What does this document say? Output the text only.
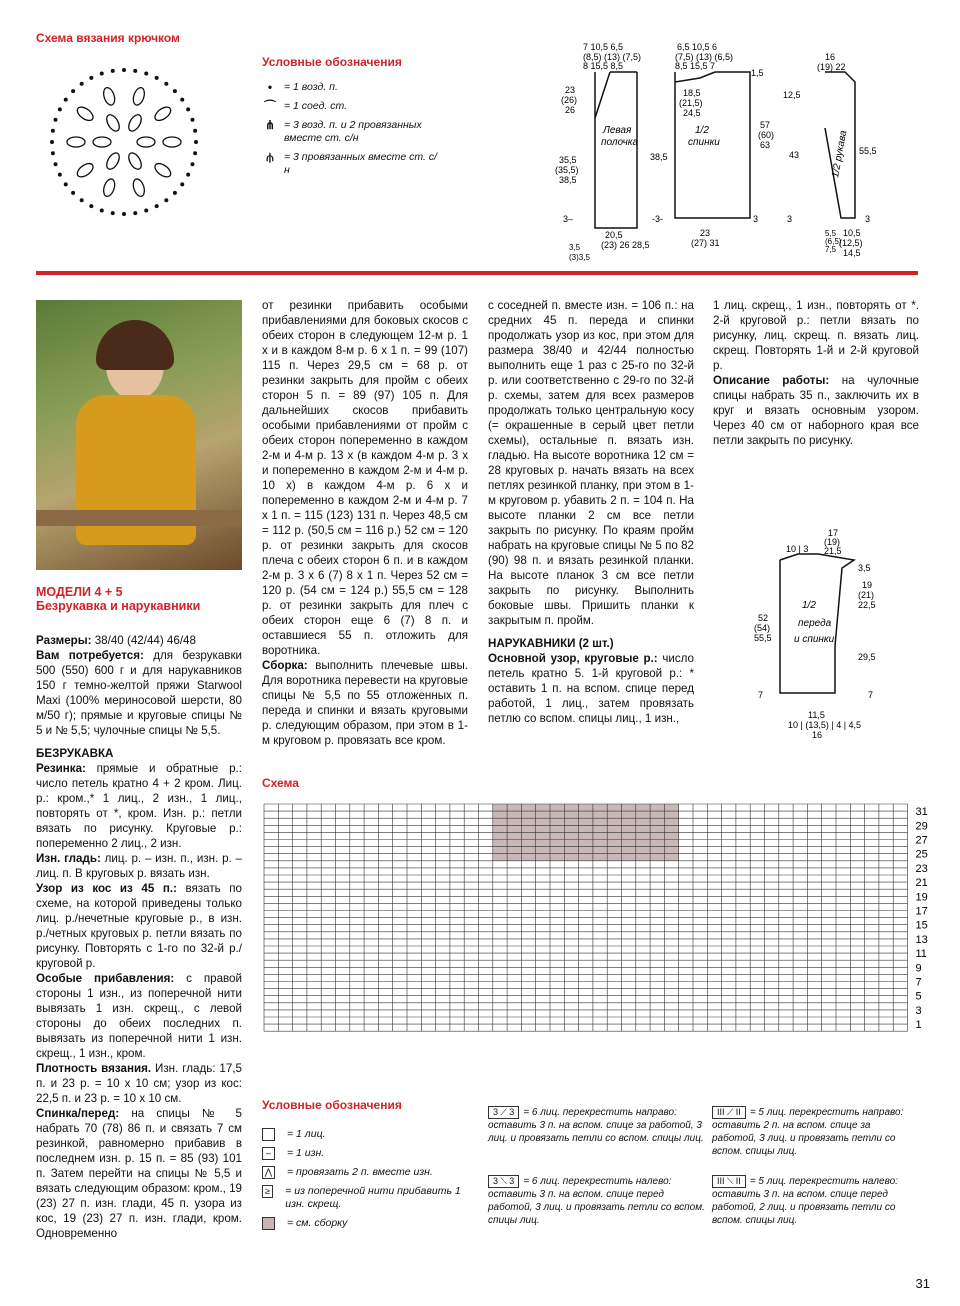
Схема вязания крючком
Условные обозначения
•	= 1 возд. п.
⌒ = 1 соед. ст.
⋔ = 3 возд. п. и 2 провязанных вместе ст. с/н
⫛ = 3 провязанных вместе ст. с/н
Левая
полочка
1/2
спинки	1/2 рукава
7 10,5 6,5
(8,5) (13) (7,5)
8 15,5 8,5
23
(26)
26
35,5
(35,5)
38,5
38,5
20,5
(23) 26 28,5
3,5
(3)3,5
3–
6,5 10,5 6
(7,5) (13) (6,5)
8,5 15,5 7
1,5
18,5
(21,5)
24,5
57
(60)
63
23
(27) 31
-3-	3
16
(19) 22
12,5
43	55,5
5,5
(6,5)
7,5
10,5
(12,5)
14,5
3	3
МОДЕЛИ 4 + 5
Безрукавка и нарукавники

Размеры: 38/40 (42/44) 46/48

Вам потребуется: для безрукавки 500 (550) 600 г и для нарукавников 150 г темно-желтой пряжи Starwool Maxi (100% мериносовой шерсти, 80 м/50 г); прямые и круговые спицы № 5 и № 5,5; чулочные спицы № 5,5.

БЕЗРУКАВКА

Резинка: прямые и обратные р.: число петель кратно 4 + 2 кром. Лиц. р.: кром.,* 1 лиц., 2 изн., 1 лиц., повторять от *, кром. Изн. р.: петли вязать по рисунку. Круговые р.: попеременно 2 лиц., 2 изн.

Изн. гладь: лиц. р. – изн. п., изн. р. – лиц. п. В круговых р. вязать изн.

Узор из кос из 45 п.: вязать по схеме, на которой приведены только лиц. р./нечетные круговые р., в изн. р./четных круговых р. петли вязать по рисунку. Повторять с 1-го по 32-й р./круговой р.

Особые прибавления: с правой стороны 1 изн., из поперечной нити вывязать 1 изн. скрещ., с левой стороны до обеих последних п. вывязать из поперечной нити 1 изн. скрещ., 1 изн., кром.

Плотность вязания. Изн. гладь: 17,5 п. и 23 р. = 10 х 10 см; узор из кос: 22,5 п. и 23 р. = 10 х 10 см.

Спинка/перед: на спицы № 5 набрать 70 (78) 86 п. и связать 7 см резинкой, равномерно прибавив в последнем изн. р. 15 п. = 85 (93) 101 п. Затем перейти на спицы № 5,5 и вязать следующим образом: кром., 19 (23) 27 п. изн. глади, 45 п. узора из кос, 19 (23) 27 п. изн. глади, кром. Одновременно

от резинки прибавить особыми прибавлениями для боковых скосов с обеих сторон в следующем 12-м р. 1 х и в каждом 8-м р. 6 х 1 п. = 99 (107) 115 п. Через 29,5 см = 68 р. от резинки закрыть для пройм с обеих сторон 5 п. = 89 (97) 105 п. Для дальнейших скосов прибавить особыми прибавлениями от пройм с обеих сторон попеременно в каждом 2-м и 4-м р. 13 х (в каждом 4-м р. 3 х и попеременно в каждом 2-м и 4-м р. 10 х) в каждом 4-м р. 6 х и попеременно в каждом 2-м и 4-м р. 7 х 1 п. = 115 (123) 131 п. Через 48,5 см = 112 р. (50,5 см = 116 р.) 52 см = 120 р. от резинки закрыть для скосов плеча с обеих сторон 6 п. и в каждом 2-м р. 3 х 6 (7) 8 х 1 п. Через 52 см = 120 р. (54 см = 124 р.) 55,5 см = 128 р. от резинки закрыть для плеч с обеих сторон еще 6 (7) 8 п. и оставшиеся 55 п. отложить для воротника.

Сборка: выполнить плечевые швы. Для воротника перевести на круговые спицы № 5,5 по 55 отложенных п. переда и спинки и вязать круговыми р. следующим образом, при этом в 1-м круговом р. провязать все кром.

с соседней п. вместе изн. = 106 п.: на средних 45 п. переда и спинки продолжать узор из кос, при этом для размера 38/40 и 42/44 полностью выполнить еще 1 раз с 25-го по 32-й р. или соответственно с 29-го по 32-й р. схемы, затем для всех размеров продолжать только центральную косу (= окрашенные в серый цвет петли схемы), остальные п. вязать изн. гладью. На высоте воротника 12 см = 28 круговых р. начать вязать на всех петлях резинкой планку, при этом в 1-м круговом р. убавить 2 п. = 104 п. На высоте планки 2 см все петли закрыть по рисунку. По краям пройм набрать на круговые спицы № 5 по 82 (90) 98 п. и вязать резинкой планки. На высоте планок 3 см все петли закрыть по рисунку. Выполнить боковые швы. Пришить планки к закрытым п. пройм.

НАРУКАВНИКИ (2 шт.)

Основной узор, круговые р.: число петель кратно 5. 1-й круговой р.: * оставить 1 п. на вспом. спице перед работой, 1 лиц., затем провязать петлю со вспом. спицы лиц., 1 изн.,

1 лиц. скрещ., 1 изн., повторять от *. 2-й круговой р.: петли вязать по рисунку, лиц. скрещ. п. вязать лиц. скрещ. Повторять 1-й и 2-й круговой р.

Описание работы: на чулочные спицы набрать 35 п., заключить их в круг и вязать основным узором. Через 40 см от наборного края все петли закрыть по рисунку.

1/2
переда
и спинки
17
(19)
21,5
10 | 3
3,5
19
(21)
22,5
52
(54)
55,5
29,5
7	7
11,5
10 | (13,5) | 4 | 4,5
16
Схема
31
29
27
25
23
21
19
17
15
13
11
9
7
5
3
1
Условные обозначения
= 1 лиц.
–	= 1 изн.
⋀ = провязать 2 п. вместе изн.
≥ = из поперечной нити прибавить 1 изн. скрещ.
= см. сборку
3 ⟋ 3 = 6 лиц. перекрестить направо: оставить 3 п. на вспом. спице за работой, 3 лиц. и провязать петли со вспом. спицы лиц.
3 ⟍ 3 = 6 лиц. перекрестить налево: оставить 3 п. на вспом. спице перед работой, 3 лиц. и провязать петли со вспом. спицы лиц.
ІІІ ⟋ ІІ = 5 лиц. перекрестить направо: оставить 2 п. на вспом. спице за работой, 3 лиц. и провязать петли со вспом. спицы лиц.
ІІІ ⟍ ІІ = 5 лиц. перекрестить налево: оставить 3 п. на вспом. спице перед работой, 2 лиц. и провязать петли со вспом. спицы лиц.
31
